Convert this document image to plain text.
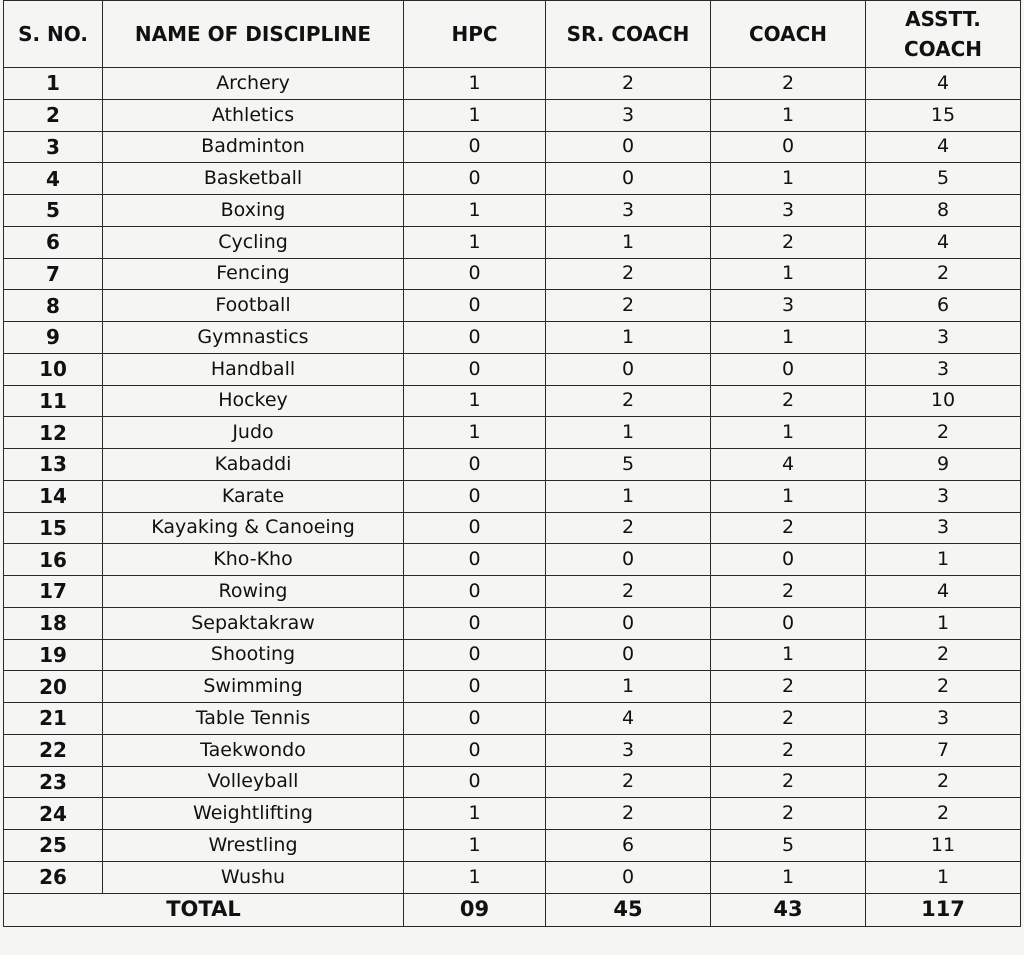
S. NO.	NAME OF DISCIPLINE	HPC	SR. COACH	COACH	ASSTT.
COACH
1	Archery	1	2	2	4
2	Athletics	1	3	1	15
3	Badminton	0	0	0	4
4	Basketball	0	0	1	5
5	Boxing	1	3	3	8
6	Cycling	1	1	2	4
7	Fencing	0	2	1	2
8	Football	0	2	3	6
9	Gymnastics	0	1	1	3
10	Handball	0	0	0	3
11	Hockey	1	2	2	10
12	Judo	1	1	1	2
13	Kabaddi	0	5	4	9
14	Karate	0	1	1	3
15	Kayaking & Canoeing	0	2	2	3
16	Kho-Kho	0	0	0	1
17	Rowing	0	2	2	4
18	Sepaktakraw	0	0	0	1
19	Shooting	0	0	1	2
20	Swimming	0	1	2	2
21	Table Tennis	0	4	2	3
22	Taekwondo	0	3	2	7
23	Volleyball	0	2	2	2
24	Weightlifting	1	2	2	2
25	Wrestling	1	6	5	11
26	Wushu	1	0	1	1
TOTAL		09	45	43	117
